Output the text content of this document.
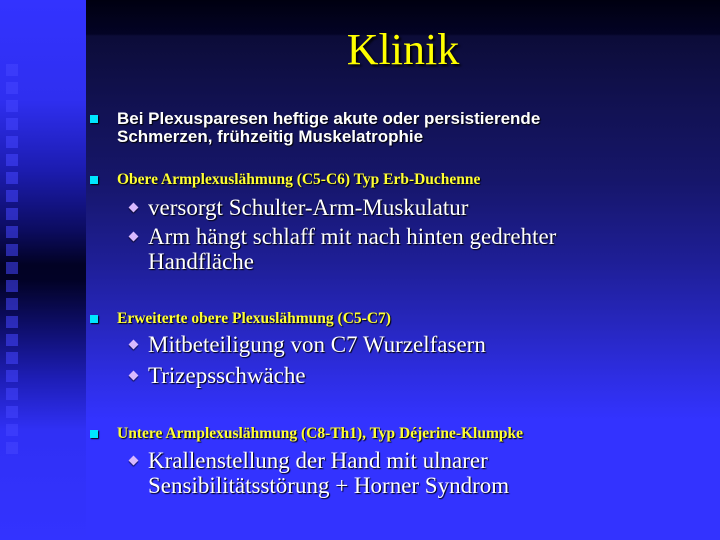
Klinik
Bei Plexusparesen heftige akute oder persistierende
Schmerzen, frühzeitig Muskelatrophie
Obere Armplexuslähmung (C5-C6) Typ Erb-Duchenne
versorgt Schulter-Arm-Muskulatur
Arm hängt schlaff mit nach hinten gedrehter
Handfläche
Erweiterte obere Plexuslähmung (C5-C7)
Mitbeteiligung von C7 Wurzelfasern
Trizepsschwäche
Untere Armplexuslähmung (C8-Th1), Typ Déjerine-Klumpke
Krallenstellung der Hand mit ulnarer
Sensibilitätsstörung + Horner Syndrom
